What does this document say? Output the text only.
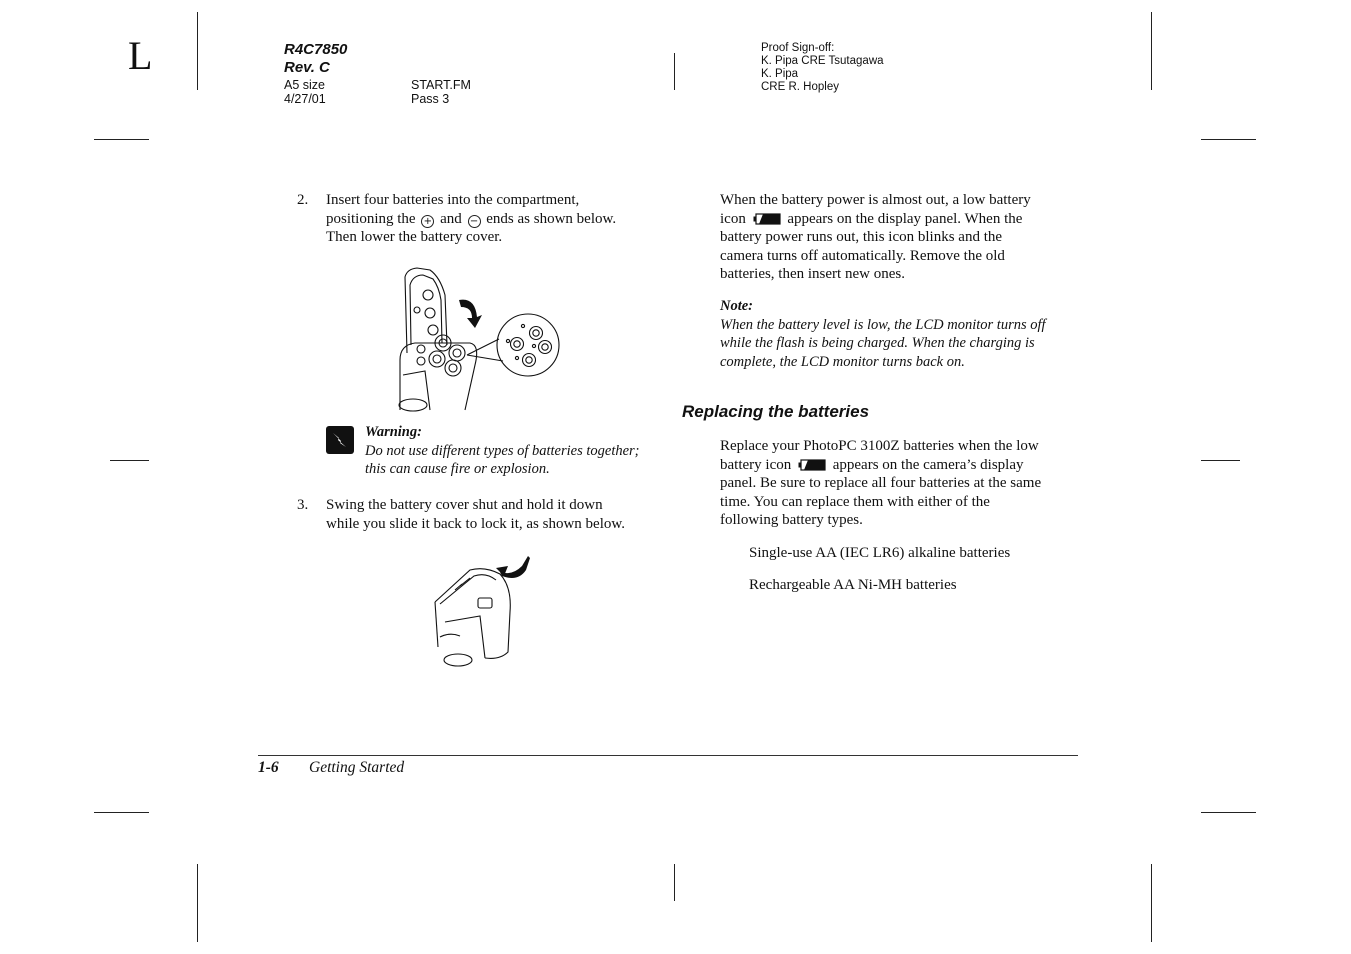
L	R4C7850
Rev. C
A5 size
4/27/01
START.FM
Pass 3
Proof Sign-off:
K. Pipa CRE Tsutagawa
K. Pipa
CRE R. Hopley
2. Insert four batteries into the compartment,
positioning the + and − ends as shown below.
Then lower the battery cover.
Warning:
Do not use different types of batteries together;
this can cause fire or explosion.
3. Swing the battery cover shut and hold it down
while you slide it back to lock it, as shown below.
When the battery power is almost out, a low battery
icon	appears on the display panel. When the
battery power runs out, this icon blinks and the
camera turns off automatically. Remove the old
batteries, then insert new ones.
Note:
When the battery level is low, the LCD monitor turns off
while the flash is being charged. When the charging is
complete, the LCD monitor turns back on.
Replacing the batteries
Replace your PhotoPC 3100Z batteries when the low
battery icon	appears on the camera’s display
panel. Be sure to replace all four batteries at the same
time. You can replace them with either of the
following battery types.
Single-use AA (IEC LR6) alkaline batteries
Rechargeable AA Ni-MH batteries
1-6 Getting Started
